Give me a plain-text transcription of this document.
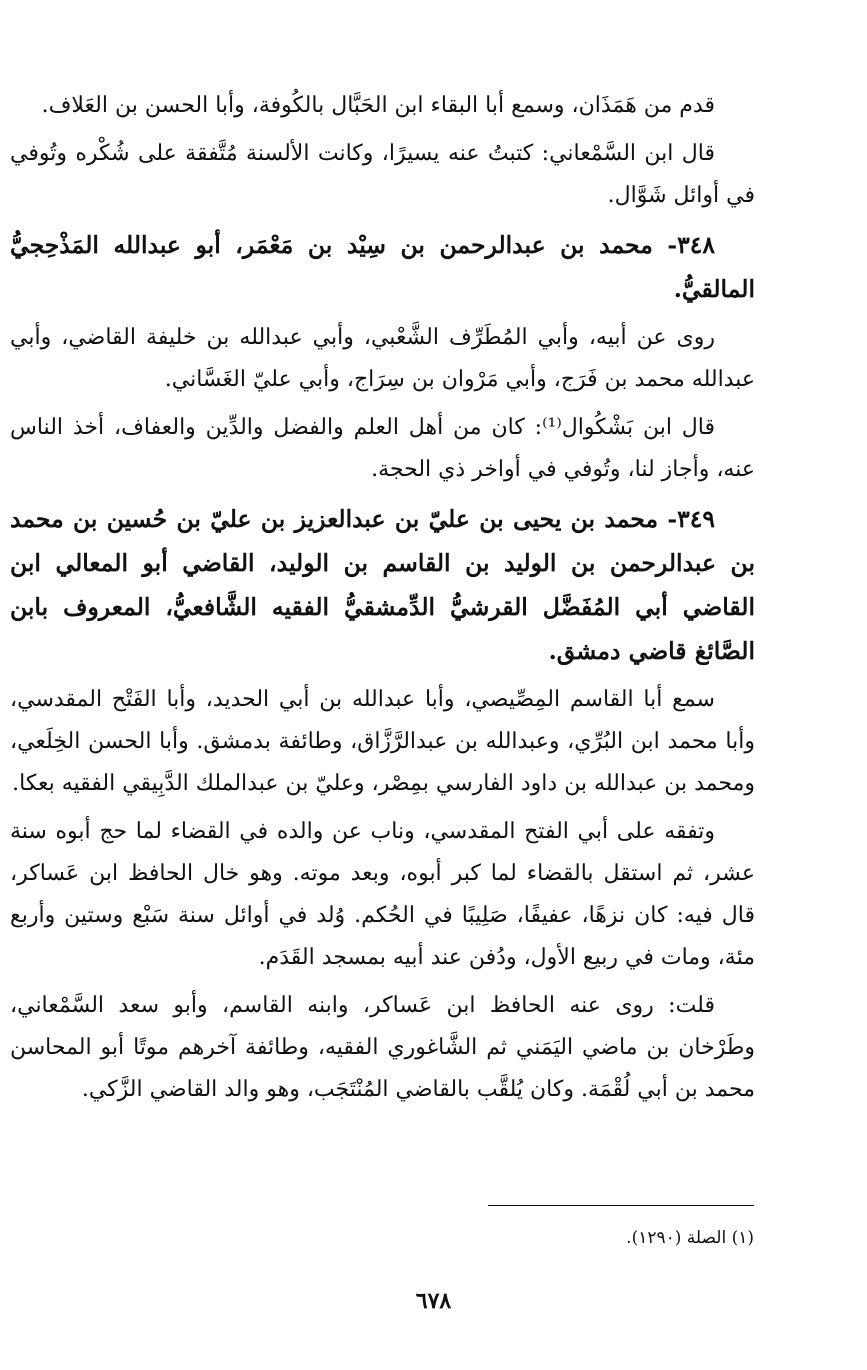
قدم من هَمَذَان، وسمع أبا البقاء ابن الحَبَّال بالكُوفة، وأبا الحسن بن العَلاف.

قال ابن السَّمْعاني: كتبتُ عنه يسيرًا، وكانت الألسنة مُتَّفقة على شُكْره وتُوفي في أوائل شَوَّال.

٣٤٨- محمد بن عبدالرحمن بن سِيْد بن مَعْمَر، أبو عبدالله المَذْحِجيُّ المالقيُّ.

روى عن أبيه، وأبي المُطَرِّف الشَّعْبي، وأبي عبدالله بن خليفة القاضي، وأبي عبدالله محمد بن فَرَج، وأبي مَرْوان بن سِرَاج، وأبي عليّ الغَسَّاني.

قال ابن بَشْكُوال⁽¹⁾: كان من أهل العلم والفضل والدِّين والعفاف، أخذ الناس عنه، وأجاز لنا، وتُوفي في أواخر ذي الحجة.

٣٤٩- محمد بن يحيى بن عليّ بن عبدالعزيز بن عليّ بن حُسين بن محمد بن عبدالرحمن بن الوليد بن القاسم بن الوليد، القاضي أبو المعالي ابن القاضي أبي المُفَضَّل القرشيُّ الدِّمشقيُّ الفقيه الشَّافعيُّ، المعروف بابن الصَّائغ قاضي دمشق.

سمع أبا القاسم المِصِّيصي، وأبا عبدالله بن أبي الحديد، وأبا الفَتْح المقدسي، وأبا محمد ابن البُرِّي، وعبدالله بن عبدالرَّزَّاق، وطائفة بدمشق. وأبا الحسن الخِلَعي، ومحمد بن عبدالله بن داود الفارسي بمِصْر، وعليّ بن عبدالملك الدَّبِيقي الفقيه بعكا.

وتفقه على أبي الفتح المقدسي، وناب عن والده في القضاء لما حج أبوه سنة عشر، ثم استقل بالقضاء لما كبر أبوه، وبعد موته. وهو خال الحافظ ابن عَساكر، قال فيه: كان نزهًا، عفيفًا، صَلِيبًا في الحُكم. وُلد في أوائل سنة سَبْع وستين وأربع مئة، ومات في ربيع الأول، ودُفن عند أبيه بمسجد القَدَم.

قلت: روى عنه الحافظ ابن عَساكر، وابنه القاسم، وأبو سعد السَّمْعاني، وطَرْخان بن ماضي اليَمَني ثم الشَّاغوري الفقيه، وطائفة آخرهم موتًا أبو المحاسن محمد بن أبي لُقْمَة. وكان يُلقَّب بالقاضي المُنْتَجَب، وهو والد القاضي الزَّكي.

(١) الصلة (١٢٩٠).
٦٧٨
